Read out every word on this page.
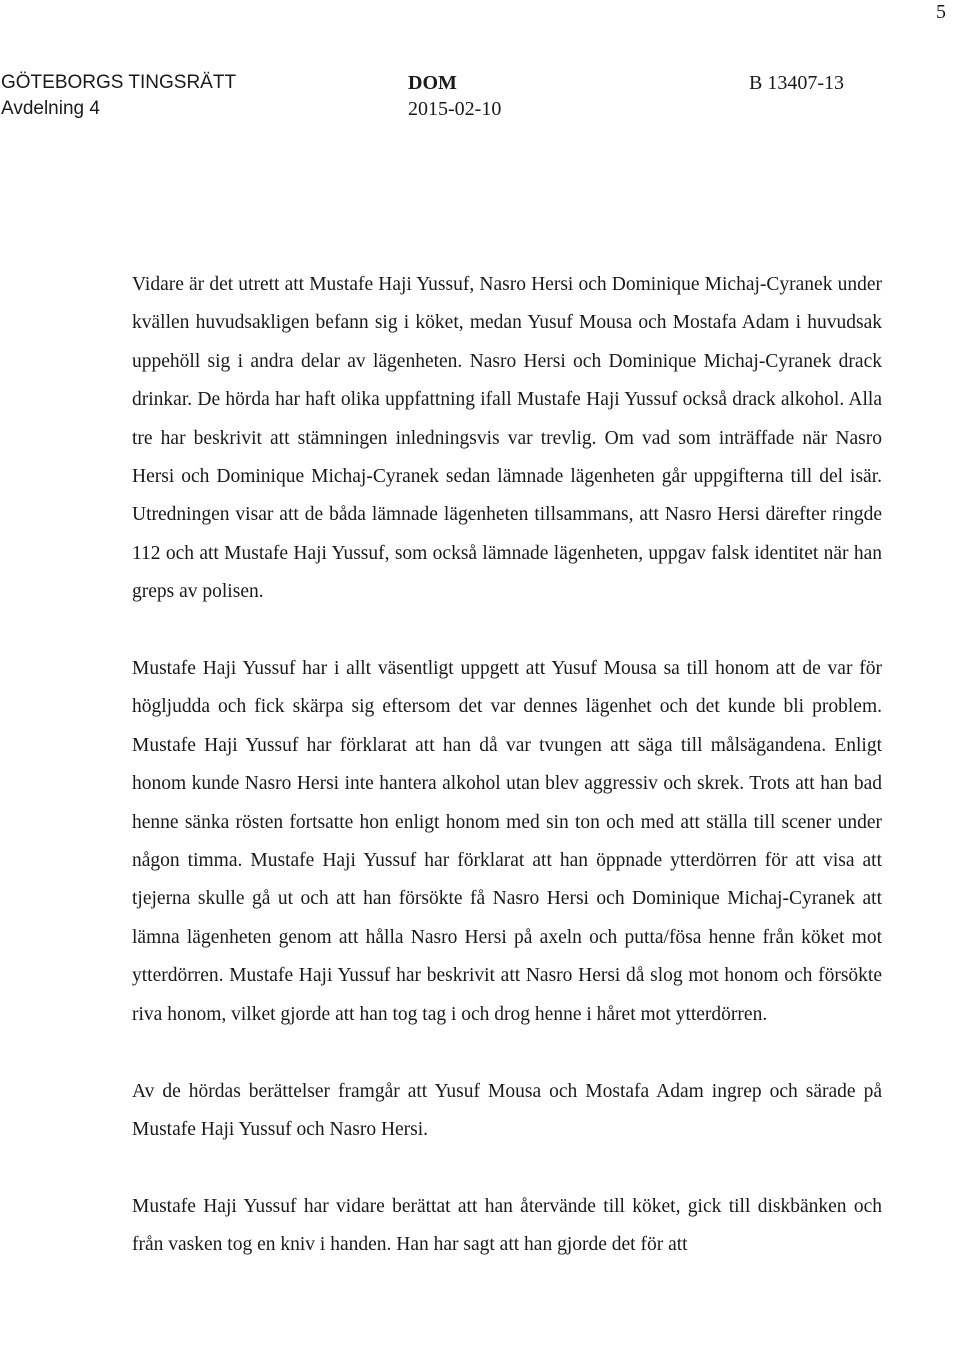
5
GÖTEBORGS TINGSRÄTT
Avdelning 4
DOM
2015-02-10
B 13407-13

Vidare är det utrett att Mustafe Haji Yussuf, Nasro Hersi och Dominique Michaj-Cyranek under kvällen huvudsakligen befann sig i köket, medan Yusuf Mousa och Mostafa Adam i huvudsak uppehöll sig i andra delar av lägenheten. Nasro Hersi och Dominique Michaj-Cyranek drack drinkar. De hörda har haft olika uppfattning ifall Mustafe Haji Yussuf också drack alkohol. Alla tre har beskrivit att stämningen inledningsvis var trevlig. Om vad som inträffade när Nasro Hersi och Dominique Michaj-Cyranek sedan lämnade lägenheten går uppgifterna till del isär. Utredningen visar att de båda lämnade lägenheten tillsammans, att Nasro Hersi därefter ringde 112 och att Mustafe Haji Yussuf, som också lämnade lägenheten, uppgav falsk identitet när han greps av polisen.

Mustafe Haji Yussuf har i allt väsentligt uppgett att Yusuf Mousa sa till honom att de var för högljudda och fick skärpa sig eftersom det var dennes lägenhet och det kunde bli problem. Mustafe Haji Yussuf har förklarat att han då var tvungen att säga till målsägandena. Enligt honom kunde Nasro Hersi inte hantera alkohol utan blev aggressiv och skrek. Trots att han bad henne sänka rösten fortsatte hon enligt honom med sin ton och med att ställa till scener under någon timma. Mustafe Haji Yussuf har förklarat att han öppnade ytterdörren för att visa att tjejerna skulle gå ut och att han försökte få Nasro Hersi och Dominique Michaj-Cyranek att lämna lägenheten genom att hålla Nasro Hersi på axeln och putta/fösa henne från köket mot ytterdörren. Mustafe Haji Yussuf har beskrivit att Nasro Hersi då slog mot honom och försökte riva honom, vilket gjorde att han tog tag i och drog henne i håret mot ytterdörren.

Av de hördas berättelser framgår att Yusuf Mousa och Mostafa Adam ingrep och särade på Mustafe Haji Yussuf och Nasro Hersi.

Mustafe Haji Yussuf har vidare berättat att han återvände till köket, gick till diskbänken och från vasken tog en kniv i handen. Han har sagt att han gjorde det för att
